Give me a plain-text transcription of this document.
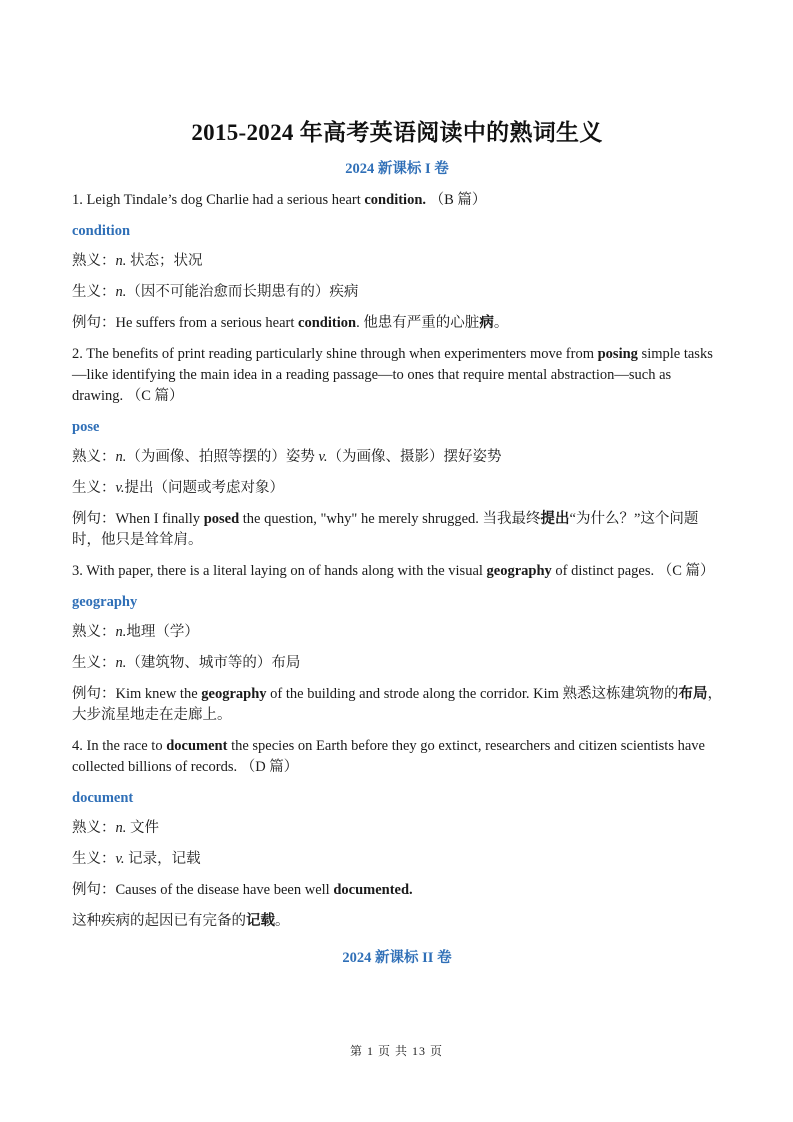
2015-2024 年高考英语阅读中的熟词生义
2024 新课标 I 卷
1. Leigh Tindale’s dog Charlie had a serious heart condition. （B 篇）
condition
熟义：n. 状态；状况
生义：n.（因不可能治愈而长期患有的）疾病
例句：He suffers from a serious heart condition. 他患有严重的心脏病。
2. The benefits of print reading particularly shine through when experimenters move from posing simple tasks—like identifying the main idea in a reading passage—to ones that require mental abstraction—such as drawing. （C 篇）
pose
熟义：n.（为画像、拍照等摆的）姿势 v.（为画像、摄影）摆好姿势
生义：v.提出（问题或考虑对象）
例句：When I finally posed the question, "why" he merely shrugged. 当我最终提出“为什么？”这个问题时，他只是耸耸肩。
3. With paper, there is a literal laying on of hands along with the visual geography of distinct pages. （C 篇）
geography
熟义：n.地理（学）
生义：n.（建筑物、城市等的）布局
例句：Kim knew the geography of the building and strode along the corridor. Kim 熟悉这栋建筑物的布局，大步流星地走在走廊上。
4. In the race to document the species on Earth before they go extinct, researchers and citizen scientists have collected billions of records. （D 篇）
document
熟义：n. 文件
生义：v. 记录，记载
例句：Causes of the disease have been well documented.
这种疾病的起因已有完备的记载。
2024 新课标 II 卷
第 1 页 共 13 页
